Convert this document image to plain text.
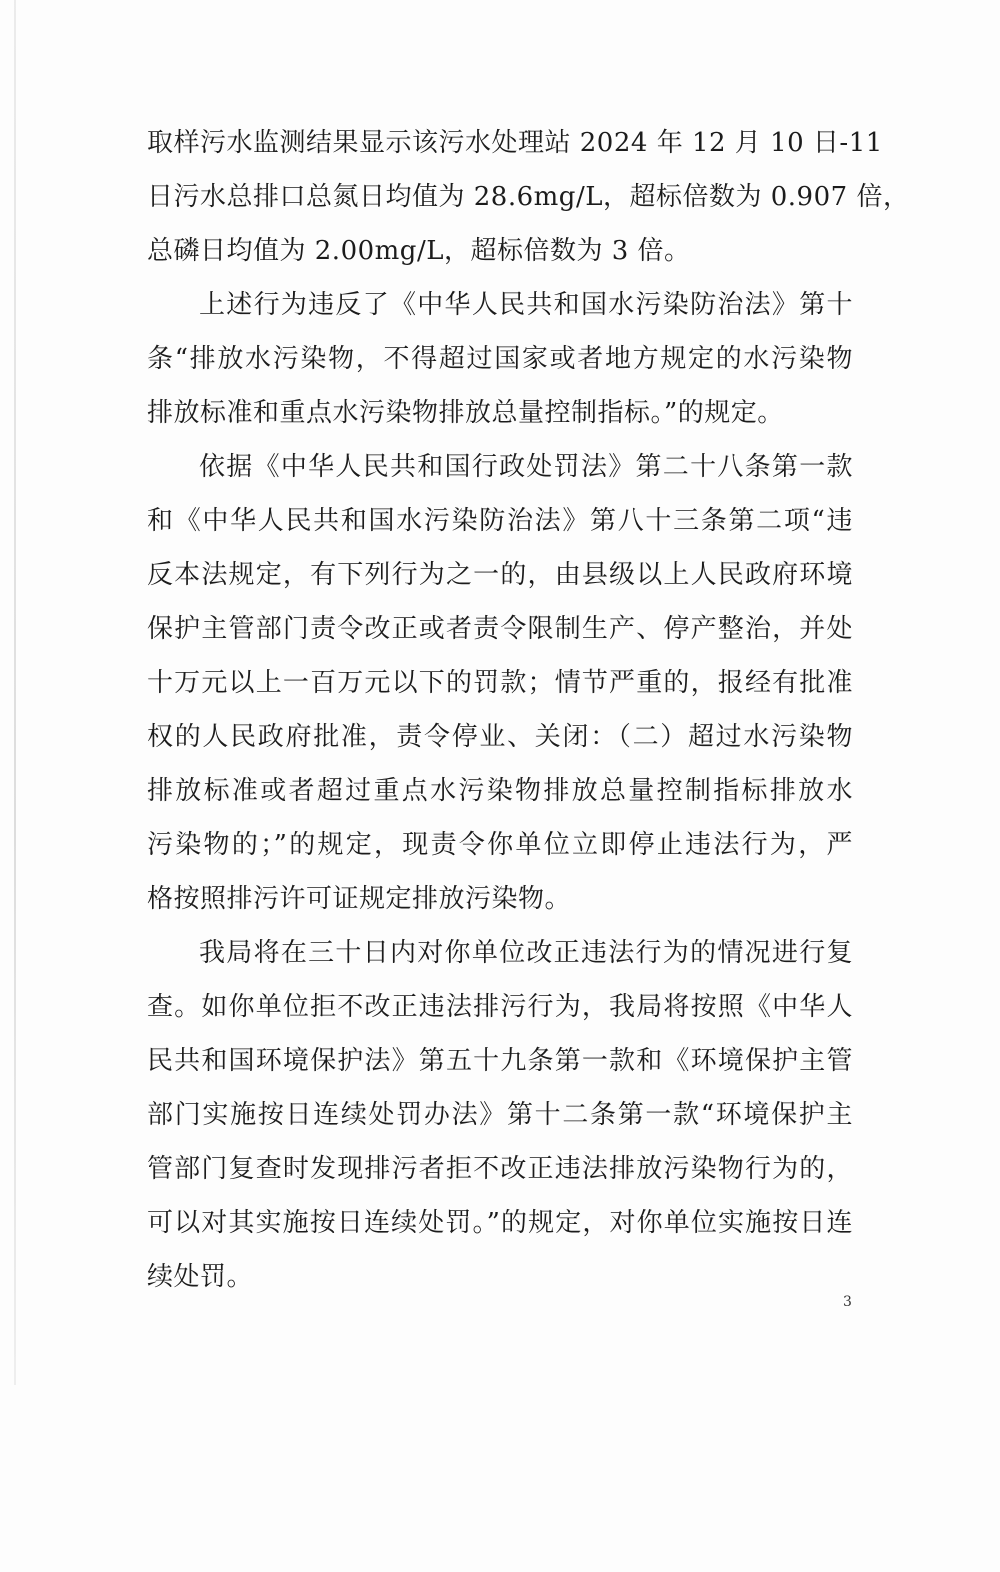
取样污水监测结果显示该污水处理站 2024 年 12 月 10 日-11
日污水总排口总氮日均值为 28.6mg/L，超标倍数为 0.907 倍，
总磷日均值为 2.00mg/L，超标倍数为 3 倍。
上述行为违反了《中华人民共和国水污染防治法》第十
条“排放水污染物，不得超过国家或者地方规定的水污染物
排放标准和重点水污染物排放总量控制指标。”的规定。
依据《中华人民共和国行政处罚法》第二十八条第一款
和《中华人民共和国水污染防治法》第八十三条第二项“违
反本法规定，有下列行为之一的，由县级以上人民政府环境
保护主管部门责令改正或者责令限制生产、停产整治，并处
十万元以上一百万元以下的罚款；情节严重的，报经有批准
权的人民政府批准，责令停业、关闭：（二）超过水污染物
排放标准或者超过重点水污染物排放总量控制指标排放水
污染物的；”的规定，现责令你单位立即停止违法行为，严
格按照排污许可证规定排放污染物。
我局将在三十日内对你单位改正违法行为的情况进行复
查。如你单位拒不改正违法排污行为，我局将按照《中华人
民共和国环境保护法》第五十九条第一款和《环境保护主管
部门实施按日连续处罚办法》第十二条第一款“环境保护主
管部门复查时发现排污者拒不改正违法排放污染物行为的，
可以对其实施按日连续处罚。”的规定，对你单位实施按日连
续处罚。
3
